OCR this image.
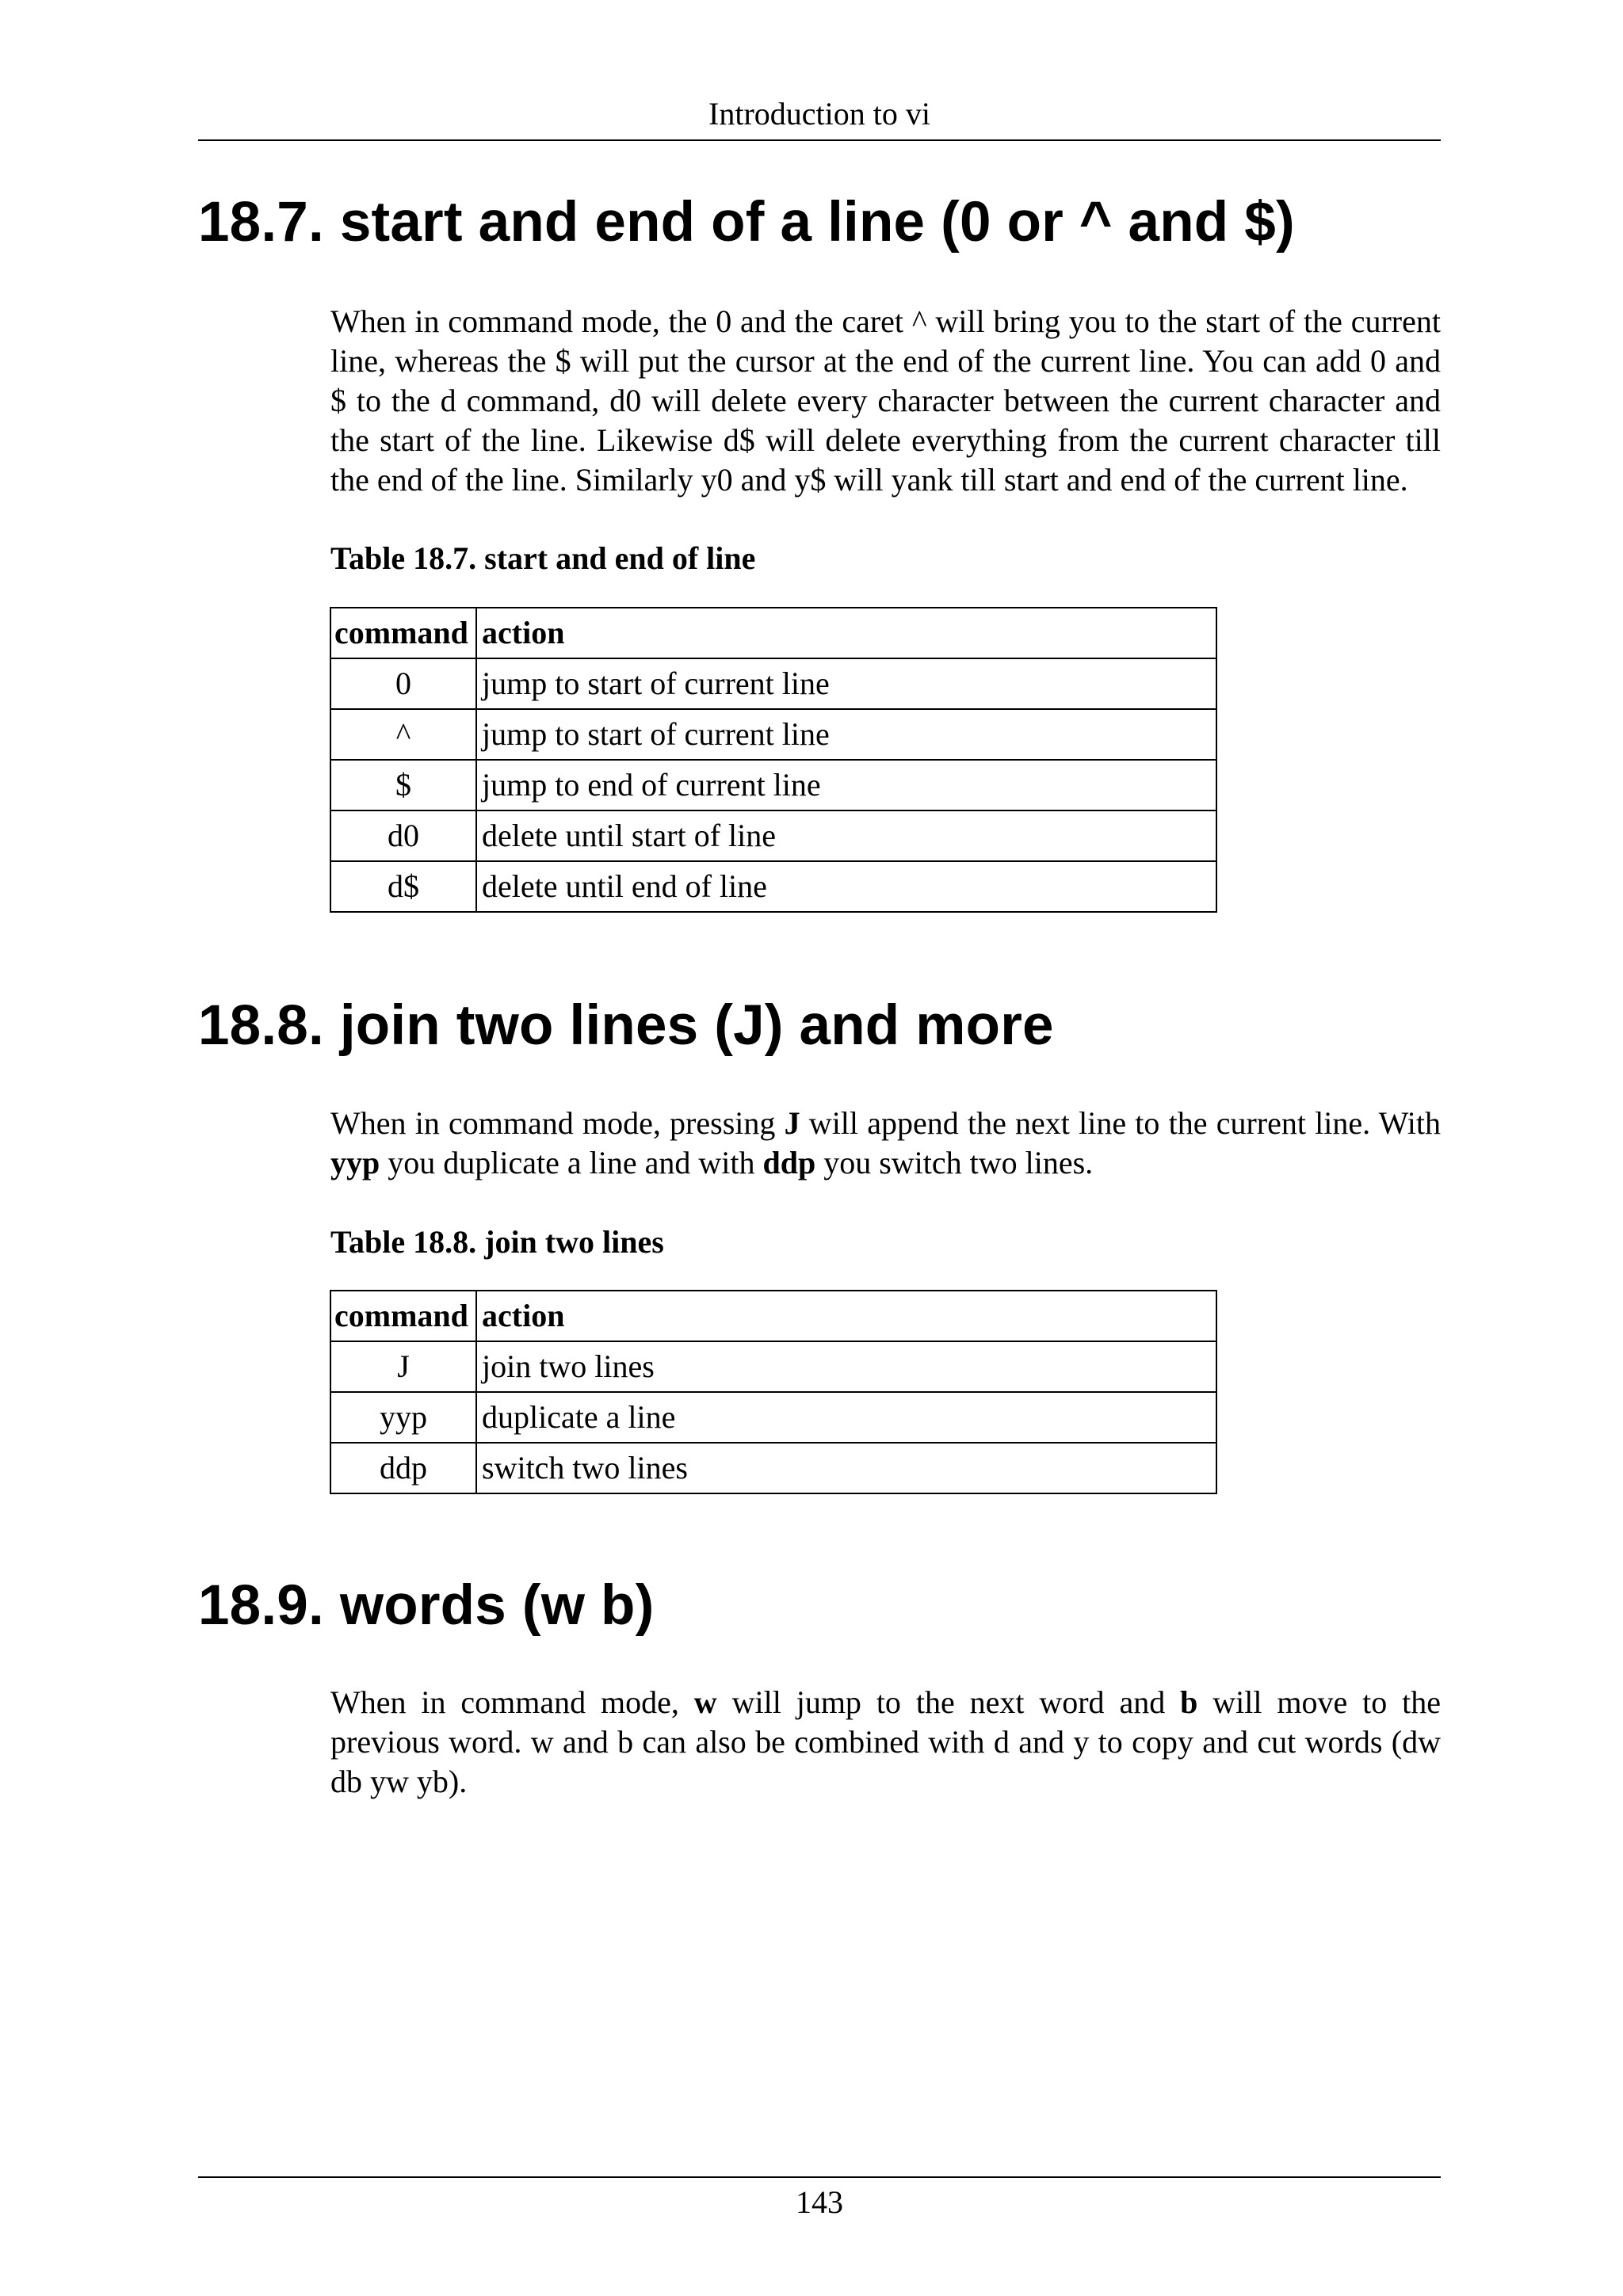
Introduction to vi
18.7. start and end of a line (0 or ^ and $)

When in command mode, the 0 and the caret ^ will bring you to the start of the current line, whereas the $ will put the cursor at the end of the current line. You can add 0 and $ to the d command, d0 will delete every character between the current character and the start of the line. Likewise d$ will delete everything from the current character till the end of the line. Similarly y0 and y$ will yank till start and end of the current line.

Table 18.7. start and end of line

command	action
0	jump to start of current line
^	jump to start of current line
$	jump to end of current line
d0	delete until start of line
d$	delete until end of line
18.8. join two lines (J) and more

When in command mode, pressing J will append the next line to the current line. With yyp you duplicate a line and with ddp you switch two lines.

Table 18.8. join two lines

command	action
J	join two lines
yyp	duplicate a line
ddp	switch two lines
18.9. words (w b)

When in command mode, w will jump to the next word and b will move to the previous word. w and b can also be combined with d and y to copy and cut words (dw db yw yb).

143
